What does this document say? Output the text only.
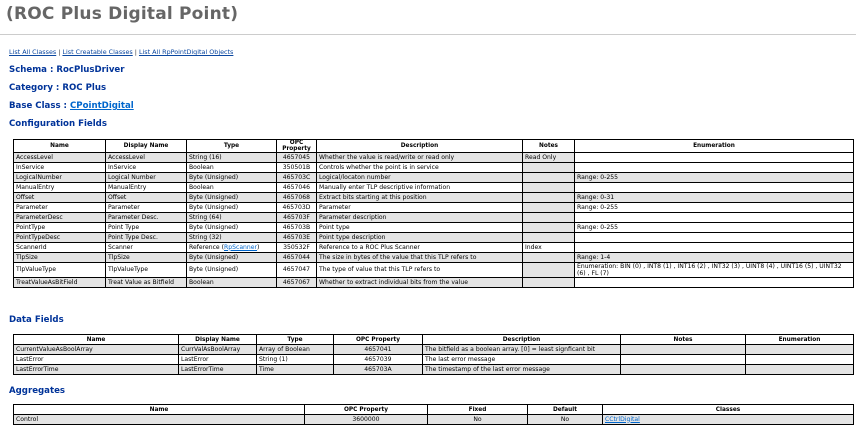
(ROC Plus Digital Point)
List All Classes | List Creatable Classes | List All RpPointDigital Objects
Schema : RocPlusDriver
Category : ROC Plus
Base Class : CPointDigital
Configuration Fields
Name	Display Name	Type	OPC Property	Description	Notes	Enumeration
AccessLevel	AccessLevel	String (16)	4657045	Whether the value is read/write or read only	Read Only	
InService	InService	Boolean	350501B	Controls whether the point is in service		
LogicalNumber	Logical Number	Byte (Unsigned)	465703C	Logical/locaton number		Range: 0-255
ManualEntry	ManualEntry	Boolean	4657046	Manually enter TLP descriptive information		
Offset	Offset	Byte (Unsigned)	4657068	Extract bits starting at this position		Range: 0-31
Parameter	Parameter	Byte (Unsigned)	465703D	Parameter		Range: 0-255
ParameterDesc	Parameter Desc.	String (64)	465703F	Parameter description		
PointType	Point Type	Byte (Unsigned)	465703B	Point type		Range: 0-255
PointTypeDesc	Point Type Desc.	String (32)	465703E	Point type description		
ScannerId	Scanner	Reference (RpScanner)	350532F	Reference to a ROC Plus Scanner	Index	
TlpSize	TlpSize	Byte (Unsigned)	4657044	The size in bytes of the value that this TLP refers to		Range: 1-4
TlpValueType	TlpValueType	Byte (Unsigned)	4657047	The type of value that this TLP refers to		Enumeration: BIN (0) , INT8 (1) , INT16 (2) , INT32 (3) , UINT8 (4) , UINT16 (5) , UINT32 (6) , FL (7)
TreatValueAsBitField	Treat Value as Bitfield	Boolean	4657067	Whether to extract individual bits from the value		
Data Fields
Name	Display Name	Type	OPC Property	Description	Notes	Enumeration
CurrentValueAsBoolArray	CurrValAsBoolArray	Array of Boolean	4657041	The bitfield as a boolean array. [0] = least signficant bit		
LastError	LastError	String (1)	4657039	The last error message		
LastErrorTime	LastErrorTime	Time	465703A	The timestamp of the last error message		
Aggregates
Name	OPC Property	Fixed	Default	Classes
Control	3600000	No	No	CCtrlDigital
